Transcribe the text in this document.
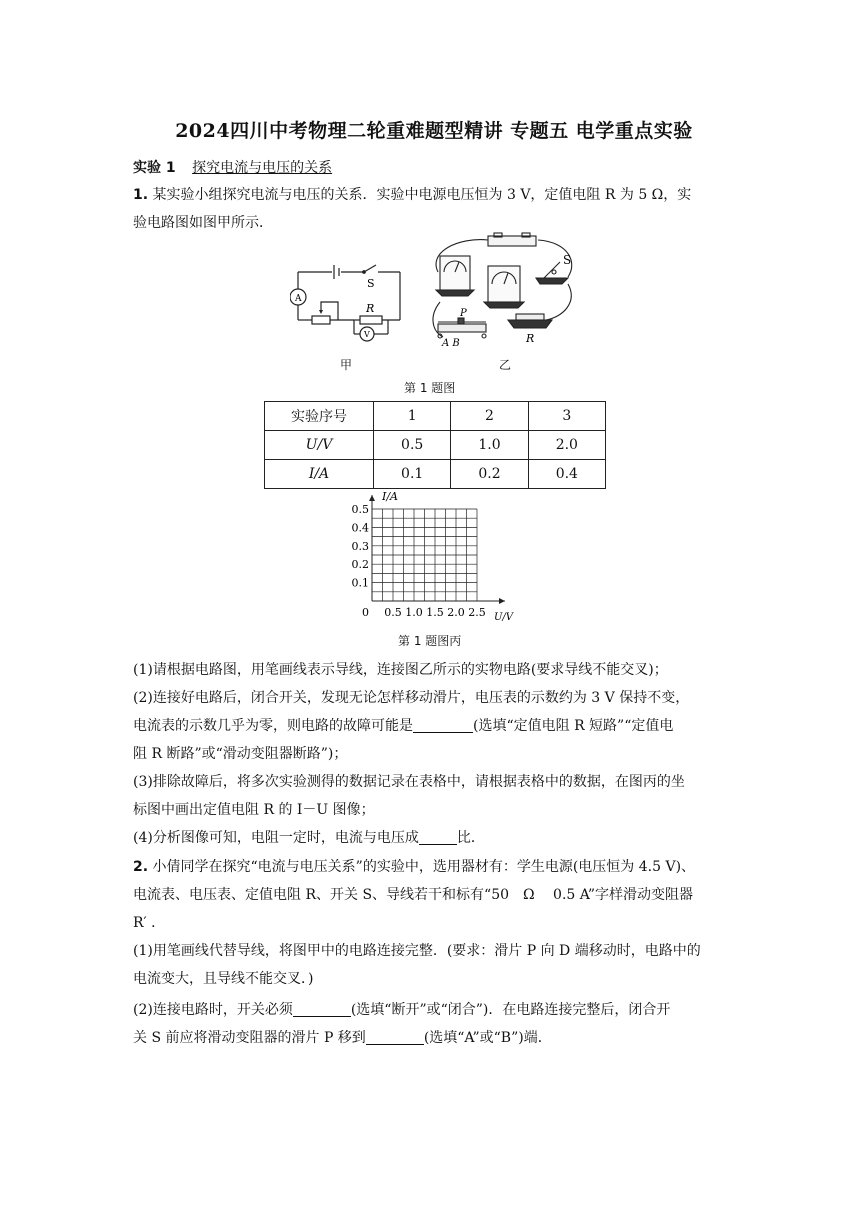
2024四川中考物理二轮重难题型精讲 专题五 电学重点实验
实验 1 探究电流与电压的关系
1. 某实验小组探究电流与电压的关系．实验中电源电压恒为 3 V，定值电阻 R 为 5 Ω，实
验电路图如图甲所示．
A
V
S
R
甲
S
R
P
A B
乙
第 1 题图
实验序号	1	2	3
U/V	0.5	1.0	2.0
I/A	0.1	0.2	0.4
0 0.5 1.0 1.5 2.0 2.5
0.1
0.2
0.3
0.4
0.5
I/A
U/V
第 1 题图丙
(1)请根据电路图，用笔画线表示导线，连接图乙所示的实物电路(要求导线不能交叉)；
(2)连接好电路后，闭合开关，发现无论怎样移动滑片，电压表的示数约为 3 V 保持不变，
电流表的示数几乎为零，则电路的故障可能是	(选填“定值电阻 R 短路”“定值电
阻 R 断路”或“滑动变阻器断路”)；
(3)排除故障后，将多次实验测得的数据记录在表格中，请根据表格中的数据，在图丙的坐
标图中画出定值电阻 R 的 I－U 图像；
(4)分析图像可知，电阻一定时，电流与电压成	比．
2. 小倩同学在探究“电流与电压关系”的实验中，选用器材有：学生电源(电压恒为 4.5 V)、
电流表、电压表、定值电阻 R、开关 S、导线若干和标有“50　Ω　 0.5 A”字样滑动变阻器
R′ ．
(1)用笔画线代替导线，将图甲中的电路连接完整．(要求：滑片 P 向 D 端移动时，电路中的
电流变大，且导线不能交叉．)
(2)连接电路时，开关必须	(选填“断开”或“闭合”)．在电路连接完整后，闭合开
关 S 前应将滑动变阻器的滑片 P 移到	(选填“A”或“B”)端．
